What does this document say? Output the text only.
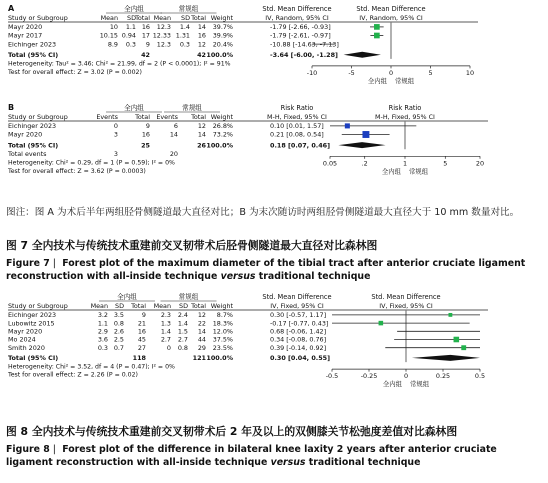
A	全内组	常规组	Std. Mean Difference	Std. Mean Difference
Study or Subgroup	Mean SD Total Mean SD Total Weight	IV, Random, 95% CI	IV, Random, 95% CI
Mayr 2020	10 1.1 16 12.3 1.4 14 39.7%	-1.79 [-2.66, -0.93]
Mayr 2017	10.15 0.94 17 12.33 1.31 16 39.9%	-1.79 [-2.61, -0.97]
Eichinger 2023	8.9 0.3 9 12.3 0.3 12 20.4%	-10.88 [-14.63, -7.13]
Total (95% CI)	42	42 100.0%	-3.64 [-6.00, -1.28]
Heterogeneity: Tau² = 3.46; Chi² = 21.99, df = 2 (P < 0.0001); I² = 91%
Test for overall effect: Z = 3.02 (P = 0.002)	-10	-5	0	5	10
全内组 常规组
B	全内组	常规组	Risk Ratio	Risk Ratio
Study or Subgroup	Events	Total Events Total Weight	M-H, Fixed, 95% CI	M-H, Fixed, 95% CI
Eichinger 2023	0	9	6	12 26.8%	0.10 [0.01, 1.57]
Mayr 2020	3	16	14	14 73.2%	0.21 [0.08, 0.54]
Total (95% CI)	25	26 100.0%	0.18 [0.07, 0.46]
Total events	3	20
Heterogeneity: Chi² = 0.29, df = 1 (P = 0.59); I² = 0%
Test for overall effect: Z = 3.62 (P = 0.0003)
0.05	.2	1	5	20
全内组 常规组
全内组	常规组	Std. Mean Difference	Std. Mean Difference
Study or Subgroup	Mean SD Total Mean SD Total Weight	IV, Fixed, 95% CI	IV, Fixed, 95% CI
Eichinger 2023	3.2 3.5	9 2.3 2.4 12 8.7%	0.30 [-0.57, 1.17]
Lubowitz 2015	1.1 0.8 21 1.3 1.4 22 18.3%	-0.17 [-0.77, 0.43]
Mayr 2020	2.9 2.6 16 1.4 1.5 14 12.0%	0.68 [-0.06, 1.42]
Mo 2024	3.6 2.5 45 2.7 2.7 44 37.5%	0.34 [-0.08, 0.76]
Smith 2020	0.3 0.7 27	0 0.8 29 23.5%	0.39 [-0.14, 0.92]
Total (95% CI)	118	121 100.0%	0.30 [0.04, 0.55]
Heterogeneity: Chi² = 3.52, df = 4 (P = 0.47); I² = 0%
Test for overall effect: Z = 2.26 (P = 0.02)	-0.5	-0.25	0	0.25	0.5
全内组 常规组
图注：图 A 为术后半年两组胫骨侧隧道最大直径对比；B 为末次随访时两组胫骨侧隧道最大直径大于 10 mm 数量对比。
图 7 全内技术与传统技术重建前交叉韧带术后胫骨侧隧道最大直径对比森林图
Figure 7 | Forest plot of the maximum diameter of the tibial tract after anterior cruciate ligament reconstruction with all-inside technique versus traditional technique
图 8 全内技术与传统技术重建前交叉韧带术后 2 年及以上的双侧膝关节松弛度差值对比森林图
Figure 8 | Forest plot of the difference in bilateral knee laxity 2 years after anterior cruciate ligament reconstruction with all-inside technique versus traditional technique
